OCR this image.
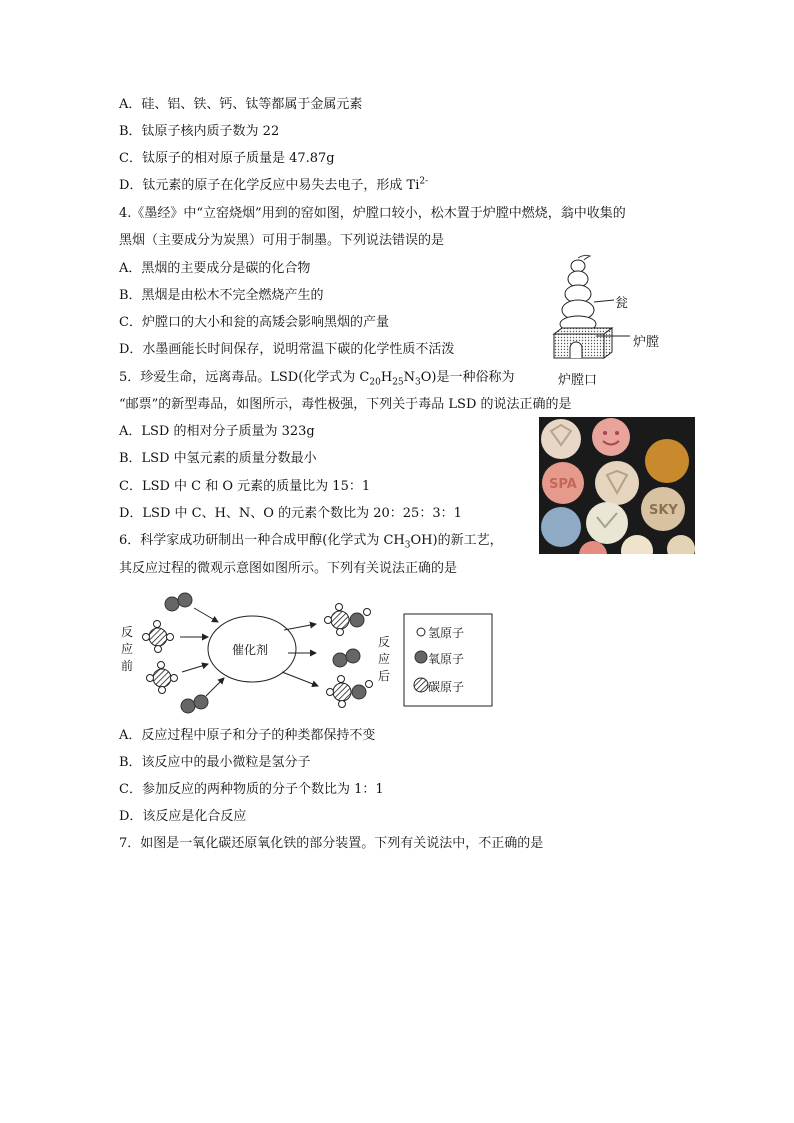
A．硅、铝、铁、钙、钛等都属于金属元素
B．钛原子核内质子数为 22
C．钛原子的相对原子质量是 47.87g
D．钛元素的原子在化学反应中易失去电子，形成 $Ti^{2-}$
4.《墨经》中“立窑烧烟”用到的窑如图，炉膛口较小，松木置于炉膛中燃烧，翁中收集的
黑烟（主要成分为炭黑）可用于制墨。下列说法错误的是
A．黑烟的主要成分是碳的化合物
B．黑烟是由松木不完全燃烧产生的
C．炉膛口的大小和瓮的高矮会影响黑烟的产量
D．水墨画能长时间保存，说明常温下碳的化学性质不活泼
瓮
炉膛
5．珍爱生命，远离毒品。LSD(化学式为 $C_{20}H_{25}N_3O$)是一种俗称为	炉膛口
“邮票”的新型毒品，如图所示，毒性极强，下列关于毒品 LSD 的说法正确的是
A．LSD 的相对分子质量为 323g
B．LSD 中氢元素的质量分数最小
C．LSD 中 C 和 O 元素的质量比为 15：1
D．LSD 中 C、H、N、O 的元素个数比为 20：25：3：1
SPA
SKY
6．科学家成功研制出一种合成甲醇(化学式为 $CH_3OH$)的新工艺，
其反应过程的微观示意图如图所示。下列有关说法正确的是
反
应
前
反
应
后
催化剂
氢原子
氧原子
碳原子
A．反应过程中原子和分子的种类都保持不变
B．该反应中的最小微粒是氢分子
C．参加反应的两种物质的分子个数比为 1：1
D．该反应是化合反应
7．如图是一氧化碳还原氧化铁的部分装置。下列有关说法中，不正确的是
